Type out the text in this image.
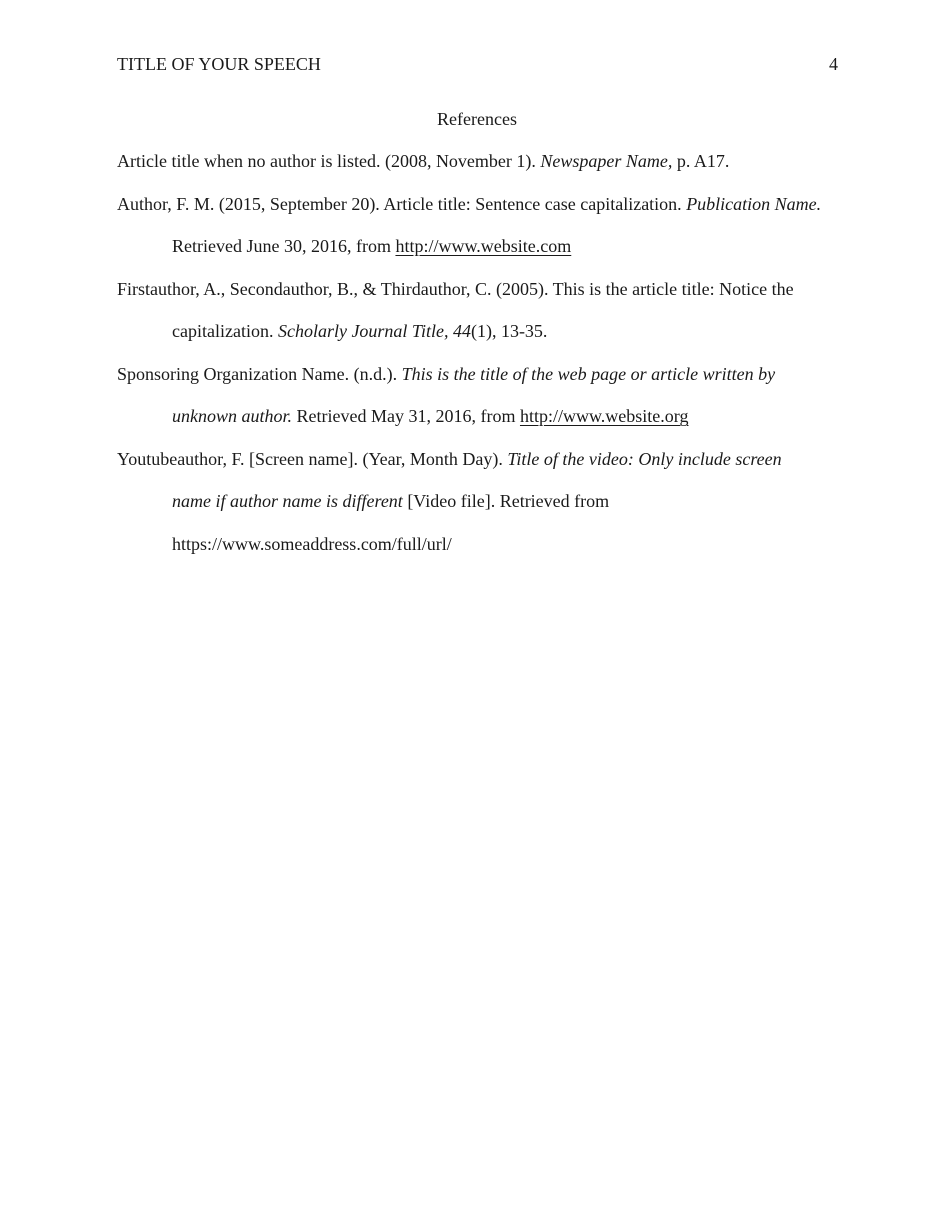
TITLE OF YOUR SPEECH	4
References

Article title when no author is listed. (2008, November 1). Newspaper Name, p. A17.

Author, F. M. (2015, September 20). Article title: Sentence case capitalization. Publication Name. Retrieved June 30, 2016, from http://www.website.com

Firstauthor, A., Secondauthor, B., & Thirdauthor, C. (2005). This is the article title: Notice the capitalization. Scholarly Journal Title, 44(1), 13-35.

Sponsoring Organization Name. (n.d.). This is the title of the web page or article written by unknown author. Retrieved May 31, 2016, from http://www.website.org

Youtubeauthor, F. [Screen name]. (Year, Month Day). Title of the video: Only include screen name if author name is different [Video file]. Retrieved from https://www.someaddress.com/full/url/
